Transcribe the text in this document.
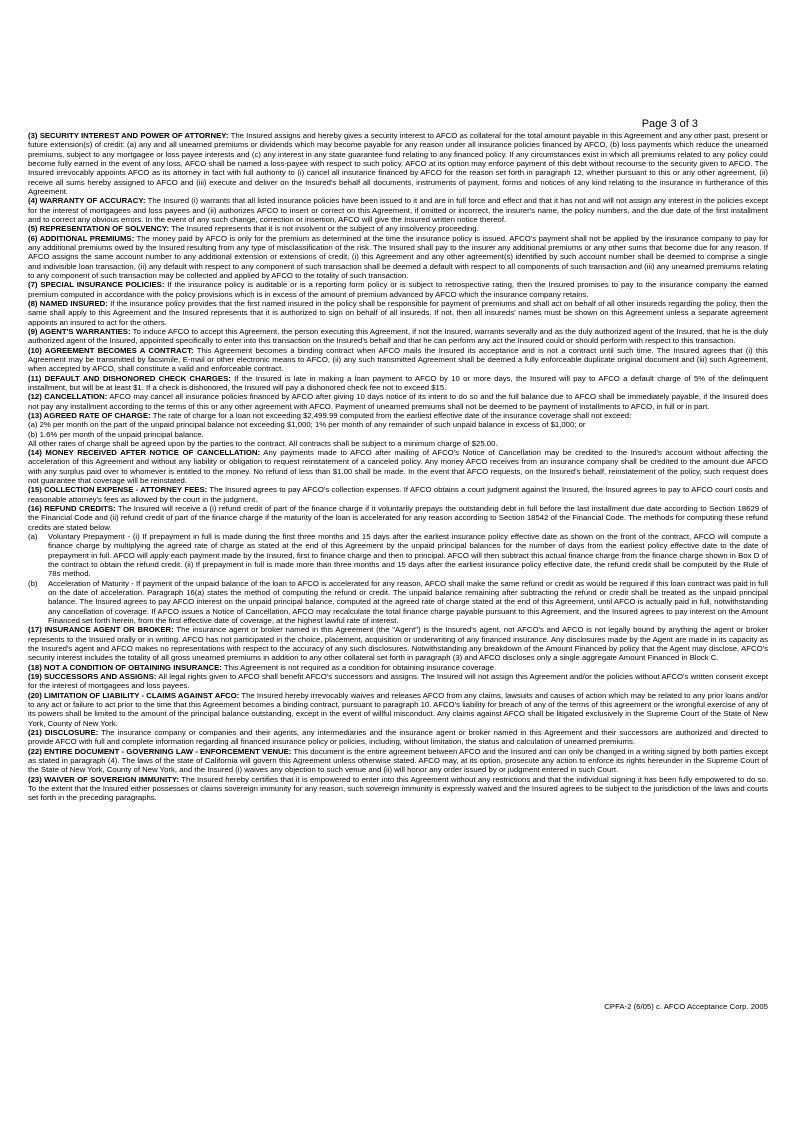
Page 3 of 3

(3) SECURITY INTEREST AND POWER OF ATTORNEY: The Insured assigns and hereby gives a security interest to AFCO as collateral for the total amount payable in this Agreement and any other past, present or future extension(s) of credit: (a) any and all unearned premiums or dividends which may become payable for any reason under all insurance policies financed by AFCO, (b) loss payments which reduce the unearned premiums, subject to any mortgagee or loss payee interests and (c) any interest in any state guarantee fund relating to any financed policy. If any circumstances exist in which all premiums related to any policy could become fully earned in the event of any loss, AFCO shall be named a loss-payee with respect to such policy. AFCO at its option may enforce payment of this debt without recourse to the security given to AFCO. The Insured irrevocably appoints AFCO as its attorney in fact with full authority to (i) cancel all insurance financed by AFCO for the reason set forth in paragraph 12, whether pursuant to this or any other agreement, (ii) receive all sums hereby assigned to AFCO and (iii) execute and deliver on the Insured's behalf all documents, instruments of payment, forms and notices of any kind relating to the insurance in furtherance of this Agreement.

(4) WARRANTY OF ACCURACY: The Insured (i) warrants that all listed insurance policies have been issued to it and are in full force and effect and that it has not and will not assign any interest in the policies except for the interest of mortgagees and loss payees and (ii) authorizes AFCO to insert or correct on this Agreement, if omitted or incorrect, the insurer's name, the policy numbers, and the due date of the first installment and to correct any obvious errors. In the event of any such change, correction or insertion, AFCO will give the Insured written notice thereof.

(5) REPRESENTATION OF SOLVENCY: The Insured represents that it is not insolvent or the subject of any insolvency proceeding.

(6) ADDITIONAL PREMIUMS: The money paid by AFCO is only for the premium as determined at the time the insurance policy is issued. AFCO's payment shall not be applied by the insurance company to pay for any additional premiums owed by the Insured resulting from any type of misclassification of the risk. The Insured shall pay to the insurer any additional premiums or any other sums that become due for any reason. If AFCO assigns the same account number to any additional extension or extensions of credit, (i) this Agreement and any other agreement(s) identified by such account number shall be deemed to comprise a single and indivisible loan transaction, (ii) any default with respect to any component of such transaction shall be deemed a default with respect to all components of such transaction and (iii) any unearned premiums relating to any component of such transaction may be collected and applied by AFCO to the totality of such transaction.

(7) SPECIAL INSURANCE POLICIES: If the insurance policy is auditable or is a reporting form policy or is subject to retrospective rating, then the Insured promises to pay to the insurance company the earned premium computed in accordance with the policy provisions which is in excess of the amount of premium advanced by AFCO which the insurance company retains.

(8) NAMED INSURED: If the insurance policy provides that the first named insured in the policy shall be responsible for payment of premiums and shall act on behalf of all other insureds regarding the policy, then the same shall apply to this Agreement and the Insured represents that it is authorized to sign on behalf of all insureds. If not, then all insureds' names must be shown on this Agreement unless a separate agreement appoints an insured to act for the others.

(9) AGENT'S WARRANTIES: To induce AFCO to accept this Agreement, the person executing this Agreement, if not the Insured, warrants severally and as the duly authorized agent of the Insured, that he is the duly authorized agent of the Insured, appointed specifically to enter into this transaction on the Insured's behalf and that he can perform any act the Insured could or should perform with respect to this transaction.

(10) AGREEMENT BECOMES A CONTRACT: This Agreement becomes a binding contract when AFCO mails the Insured its acceptance and is not a contract until such time. The Insured agrees that (i) this Agreement may be transmitted by facsimile, E-mail or other electronic means to AFCO, (ii) any such transmitted Agreement shall be deemed a fully enforceable duplicate original document and (iii) such Agreement, when accepted by AFCO, shall constitute a valid and enforceable contract.

(11) DEFAULT AND DISHONORED CHECK CHARGES: If the Insured is late in making a loan payment to AFCO by 10 or more days, the Insured will pay to AFCO a default charge of 5% of the delinquent installment, but will be at least $1. If a check is dishonored, the Insured will pay a dishonored check fee not to exceed $15.

(12) CANCELLATION: AFCO may cancel all insurance policies financed by AFCO after giving 10 days notice of its intent to do so and the full balance due to AFCO shall be immediately payable, if the Insured does not pay any installment according to the terms of this or any other agreement with AFCO. Payment of unearned premiums shall not be deemed to be payment of installments to AFCO, in full or in part.

(13) AGREED RATE OF CHARGE: The rate of charge for a loan not exceeding $2,499.99 computed from the earliest effective date of the insurance coverage shall not exceed:

(a) 2% per month on the part of the unpaid principal balance not exceeding $1,000; 1% per month of any remainder of such unpaid balance in excess of $1,000; or

(b) 1.6% per month of the unpaid principal balance.

All other rates of charge shall be agreed upon by the parties to the contract. All contracts shall be subject to a minimum charge of $25.00.

(14) MONEY RECEIVED AFTER NOTICE OF CANCELLATION: Any payments made to AFCO after mailing of AFCO's Notice of Cancellation may be credited to the Insured's account without affecting the acceleration of this Agreement and without any liability or obligation to request reinstatement of a canceled policy. Any money AFCO receives from an insurance company shall be credited to the amount due AFCO with any surplus paid over to whomever is entitled to the money. No refund of less than $1.00 shall be made. In the event that AFCO requests, on the Insured's behalf, reinstatement of the policy, such request does not guarantee that coverage will be reinstated.

(15) COLLECTION EXPENSE - ATTORNEY FEES: The Insured agrees to pay AFCO's collection expenses. If AFCO obtains a court judgment against the Insured, the Insured agrees to pay to AFCO court costs and reasonable attorney's fees as allowed by the court in the judgment.

(16) REFUND CREDITS: The Insured will receive a (i) refund credit of part of the finance charge if it voluntarily prepays the outstanding debt in full before the last installment due date according to Section 18629 of the Financial Code and (ii) refund credit of part of the finance charge if the maturity of the loan is accelerated for any reason according to Section 18542 of the Financial Code. The methods for computing these refund credits are stated below.

(a) Voluntary Prepayment - (i) If prepayment in full is made during the first three months and 15 days after the earliest insurance policy effective date as shown on the front of the contract, AFCO will compute a finance charge by multiplying the agreed rate of charge as stated at the end of this Agreement by the unpaid principal balances for the number of days from the earliest policy effective date to the date of prepayment in full. AFCO will apply each payment made by the Insured, first to finance charge and then to principal. AFCO will then subtract this actual finance charge from the finance charge shown in Box D of the contract to obtain the refund credit. (ii) If prepayment in full is made more than three months and 15 days after the earliest insurance policy effective date, the refund credit shall be computed by the Rule of 78s method.

(b) Acceleration of Maturity - If payment of the unpaid balance of the loan to AFCO is accelerated for any reason, AFCO shall make the same refund or credit as would be required if this loan contract was paid in full on the date of acceleration. Paragraph 16(a) states the method of computing the refund or credit. The unpaid balance remaining after subtracting the refund or credit shall be treated as the unpaid principal balance. The Insured agrees to pay AFCO interest on the unpaid principal balance, computed at the agreed rate of charge stated at the end of this Agreement, until AFCO is actually paid in full, notwithstanding any cancellation of coverage. If AFCO issues a Notice of Cancellation, AFCO may recalculate the total finance charge payable pursuant to this Agreement, and the Insured agrees to pay interest on the Amount Financed set forth herein, from the first effective date of coverage, at the highest lawful rate of interest.

(17) INSURANCE AGENT OR BROKER: The insurance agent or broker named in this Agreement (the "Agent") is the Insured's agent, not AFCO's and AFCO is not legally bound by anything the agent or broker represents to the Insured orally or in writing. AFCO has not participated in the choice, placement, acquisition or underwriting of any financed insurance. Any disclosures made by the Agent are made in its capacity as the Insured's agent and AFCO makes no representations with respect to the accuracy of any such disclosures. Notwithstanding any breakdown of the Amount Financed by policy that the Agent may disclose, AFCO's security interest includes the totality of all gross unearned premiums in addition to any other collateral set forth in paragraph (3) and AFCO discloses only a single aggregate Amount Financed in Block C.

(18) NOT A CONDITION OF OBTAINING INSURANCE: This Agreement is not required as a condition for obtaining insurance coverage.

(19) SUCCESSORS AND ASSIGNS: All legal rights given to AFCO shall benefit AFCO's successors and assigns. The Insured will not assign this Agreement and/or the policies without AFCO's written consent except for the interest of mortgagees and loss payees.

(20) LIMITATION OF LIABILITY - CLAIMS AGAINST AFCO: The Insured hereby irrevocably waives and releases AFCO from any claims, lawsuits and causes of action which may be related to any prior loans and/or to any act or failure to act prior to the time that this Agreement becomes a binding contract, pursuant to paragraph 10. AFCO's liability for breach of any of the terms of this agreement or the wrongful exercise of any of its powers shall be limited to the amount of the principal balance outstanding, except in the event of willful misconduct. Any claims against AFCO shall be litigated exclusively in the Supreme Court of the State of New York, County of New York.

(21) DISCLOSURE: The insurance company or companies and their agents, any intermediaries and the insurance agent or broker named in this Agreement and their successors are authorized and directed to provide AFCO with full and complete information regarding all financed insurance policy or policies, including, without limitation, the status and calculation of unearned premiums.

(22) ENTIRE DOCUMENT - GOVERNING LAW - ENFORCEMENT VENUE: This document is the entire agreement between AFCO and the Insured and can only be changed in a writing signed by both parties except as stated in paragraph (4). The laws of the state of California will govern this Agreement unless otherwise stated. AFCO may, at its option, prosecute any action to enforce its rights hereunder in the Supreme Court of the State of New York, County of New York, and the Insured (i) waives any objection to such venue and (ii) will honor any order issued by or judgment entered in such Court.

(23) WAIVER OF SOVEREIGN IMMUNITY: The Insured hereby certifies that it is empowered to enter into this Agreement without any restrictions and that the individual signing it has been fully empowered to do so. To the extent that the Insured either possesses or claims sovereign immunity for any reason, such sovereign immunity is expressly waived and the Insured agrees to be subject to the jurisdiction of the laws and courts set forth in the preceding paragraphs.

CPFA-2 (6/05) c. AFCO Acceptance Corp. 2005
